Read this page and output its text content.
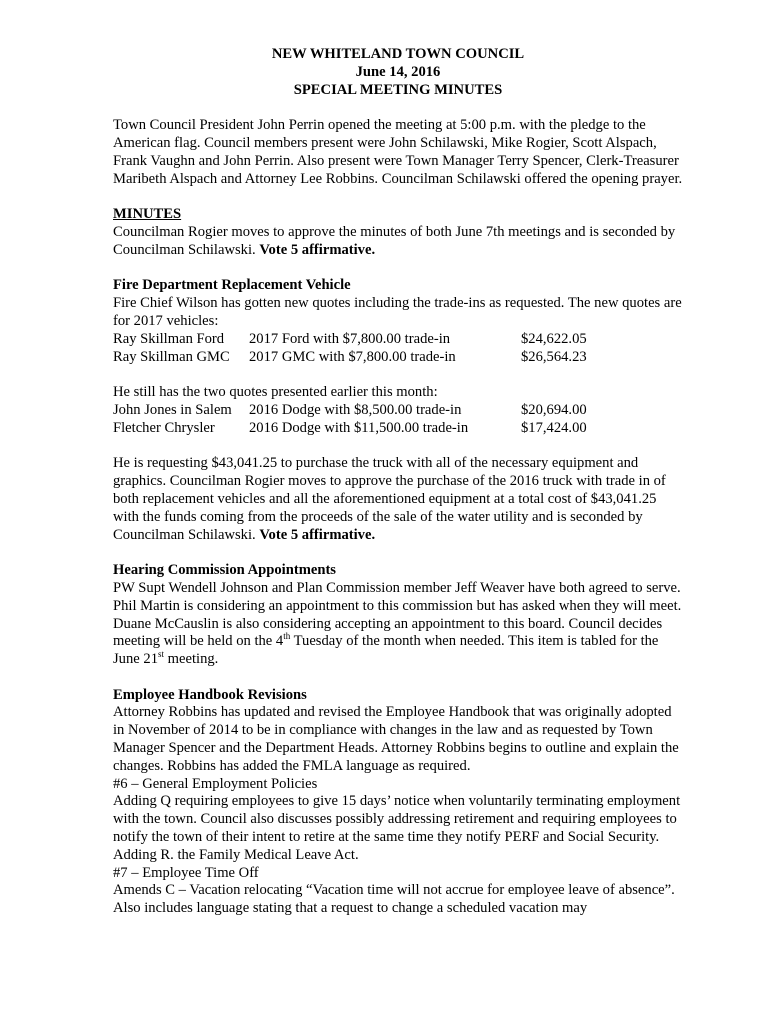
NEW WHITELAND TOWN COUNCIL
June 14, 2016
SPECIAL MEETING MINUTES

Town Council President John Perrin opened the meeting at 5:00 p.m. with the pledge to the American flag. Council members present were John Schilawski, Mike Rogier, Scott Alspach, Frank Vaughn and John Perrin. Also present were Town Manager Terry Spencer, Clerk-Treasurer Maribeth Alspach and Attorney Lee Robbins. Councilman Schilawski offered the opening prayer.

MINUTES

Councilman Rogier moves to approve the minutes of both June 7th meetings and is seconded by Councilman Schilawski. Vote 5 affirmative.

Fire Department Replacement Vehicle

Fire Chief Wilson has gotten new quotes including the trade-ins as requested. The new quotes are for 2017 vehicles:

Ray Skillman Ford	2017 Ford with $7,800.00 trade-in	$24,622.05
Ray Skillman GMC	2017 GMC with $7,800.00 trade-in	$26,564.23

He still has the two quotes presented earlier this month:

John Jones in Salem	2016 Dodge with $8,500.00 trade-in	$20,694.00
Fletcher Chrysler	2016 Dodge with $11,500.00 trade-in	$17,424.00

He is requesting $43,041.25 to purchase the truck with all of the necessary equipment and graphics. Councilman Rogier moves to approve the purchase of the 2016 truck with trade in of both replacement vehicles and all the aforementioned equipment at a total cost of $43,041.25 with the funds coming from the proceeds of the sale of the water utility and is seconded by Councilman Schilawski. Vote 5 affirmative.

Hearing Commission Appointments

PW Supt Wendell Johnson and Plan Commission member Jeff Weaver have both agreed to serve. Phil Martin is considering an appointment to this commission but has asked when they will meet. Duane McCauslin is also considering accepting an appointment to this board. Council decides meeting will be held on the 4th Tuesday of the month when needed. This item is tabled for the June 21st meeting.

Employee Handbook Revisions

Attorney Robbins has updated and revised the Employee Handbook that was originally adopted in November of 2014 to be in compliance with changes in the law and as requested by Town Manager Spencer and the Department Heads. Attorney Robbins begins to outline and explain the changes. Robbins has added the FMLA language as required.

#6 – General Employment Policies

Adding Q requiring employees to give 15 days’ notice when voluntarily terminating employment with the town. Council also discusses possibly addressing retirement and requiring employees to notify the town of their intent to retire at the same time they notify PERF and Social Security.

Adding R. the Family Medical Leave Act.

#7 – Employee Time Off

Amends C – Vacation relocating “Vacation time will not accrue for employee leave of absence”. Also includes language stating that a request to change a scheduled vacation may
